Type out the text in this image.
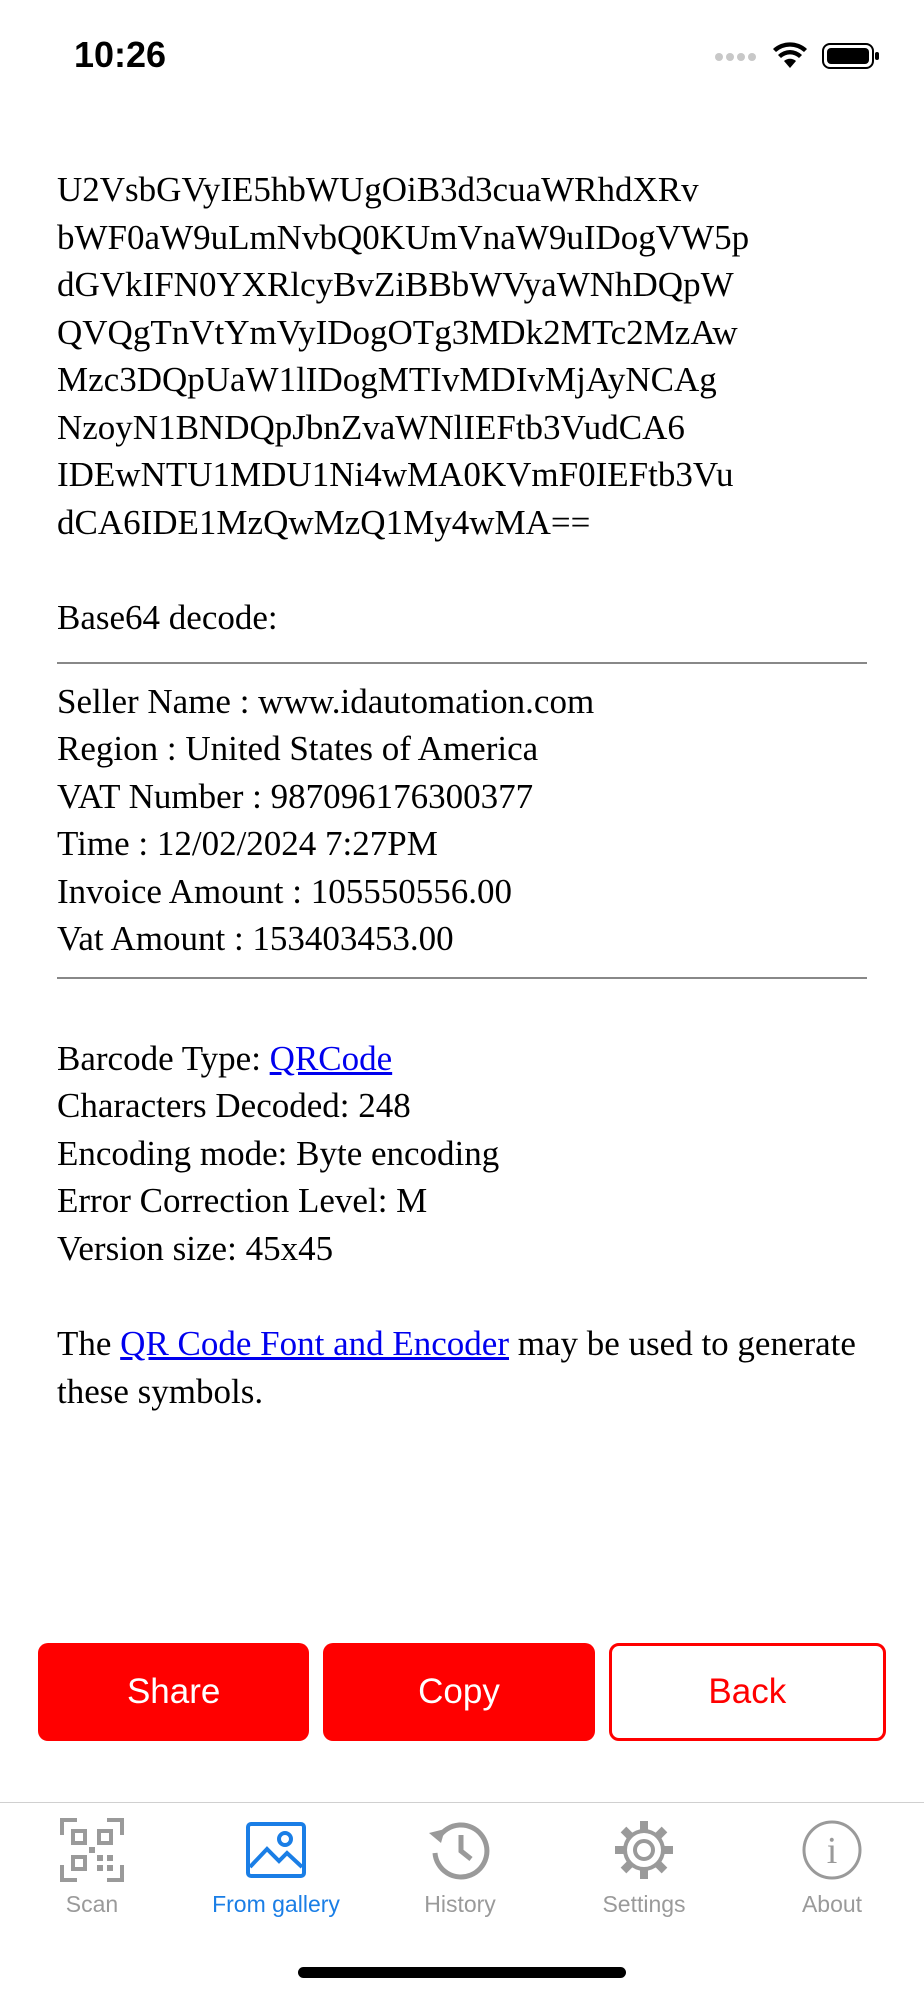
10:26
U2VsbGVyIE5hbWUgOiB3d3cuaWRhdXRv
bWF0aW9uLmNvbQ0KUmVnaW9uIDogVW5p
dGVkIFN0YXRlcyBvZiBBbWVyaWNhDQpW
QVQgTnVtYmVyIDogOTg3MDk2MTc2MzAw
Mzc3DQpUaW1lIDogMTIvMDIvMjAyNCAg
NzoyN1BNDQpJbnZvaWNlIEFtb3VudCA6
IDEwNTU1MDU1Ni4wMA0KVmF0IEFtb3Vu
dCA6IDE1MzQwMzQ1My4wMA==
Base64 decode:
Seller Name : www.idautomation.com
Region : United States of America
VAT Number : 987096176300377
Time : 12/02/2024 7:27PM
Invoice Amount : 105550556.00
Vat Amount : 153403453.00
Barcode Type: QRCode
Characters Decoded: 248
Encoding mode: Byte encoding
Error Correction Level: M
Version size: 45x45
The QR Code Font and Encoder may be used to generate these symbols.
Share	Copy	Back
Scan	From gallery	History	Settings
i
About
